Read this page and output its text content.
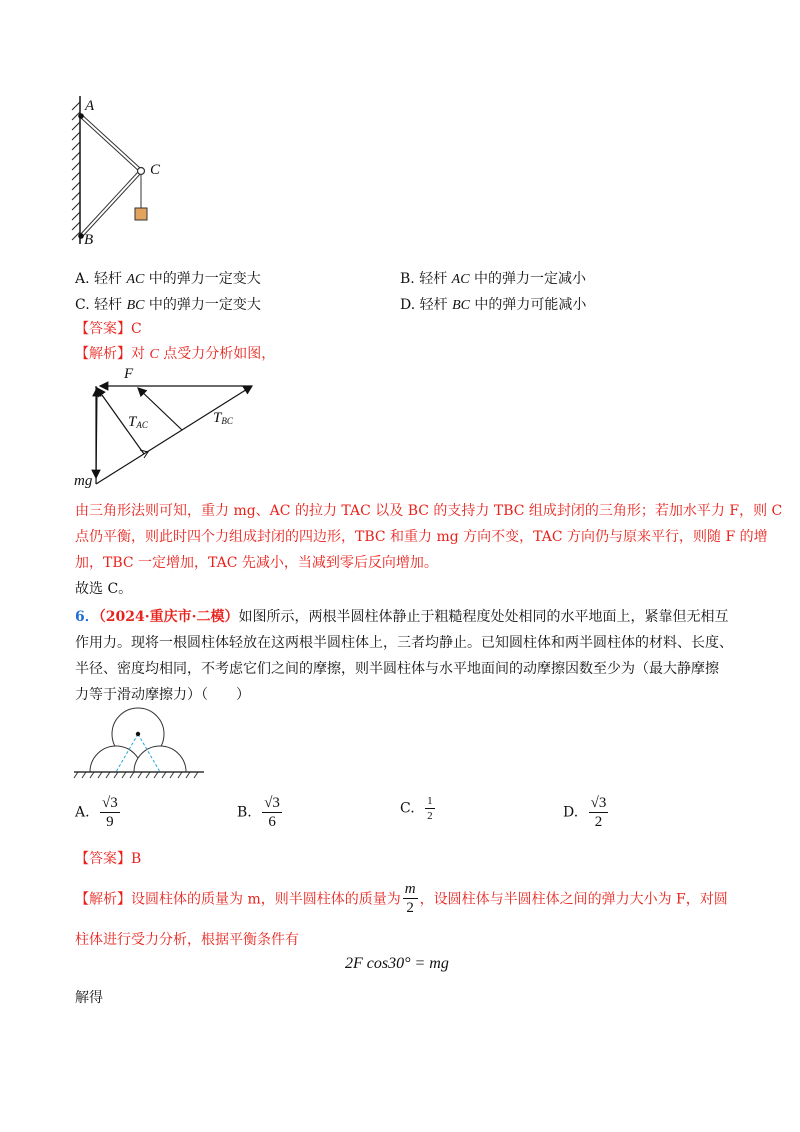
A
B
C
A. 轻杆 AC 中的弹力一定变大	B. 轻杆 AC 中的弹力一定减小
C. 轻杆 BC 中的弹力一定变大	D. 轻杆 BC 中的弹力可能减小
【答案】C
【解析】对 C 点受力分析如图，
F
$T_{AC}$	$T_{BC}$
mg
由三角形法则可知，重力 mg、AC 的拉力 TAC 以及 BC 的支持力 TBC 组成封闭的三角形；若加水平力 F，则 C
点仍平衡，则此时四个力组成封闭的四边形，TBC 和重力 mg 方向不变，TAC 方向仍与原来平行，则随 F 的增
加，TBC 一定增加，TAC 先减小，当减到零后反向增加。
故选 C。
6．（2024·重庆市·二模）如图所示，两根半圆柱体静止于粗糙程度处处相同的水平地面上，紧靠但无相互
作用力。现将一根圆柱体轻放在这两根半圆柱体上，三者均静止。已知圆柱体和两半圆柱体的材料、长度、
半径、密度均相同，不考虑它们之间的摩擦，则半圆柱体与水平地面间的动摩擦因数至少为（最大静摩擦
力等于滑动摩擦力）（　　）
A. $\frac{√3}{9}$	B. $\frac{√3}{6}$	C. $\frac{1}{2}$	D. $\frac{√3}{2}$
【答案】B
【解析】设圆柱体的质量为 m，则半圆柱体的质量为 $\frac{m}{2}$ ，设圆柱体与半圆柱体之间的弹力大小为 F，对圆
柱体进行受力分析，根据平衡条件有
2F cos30° = mg
解得
